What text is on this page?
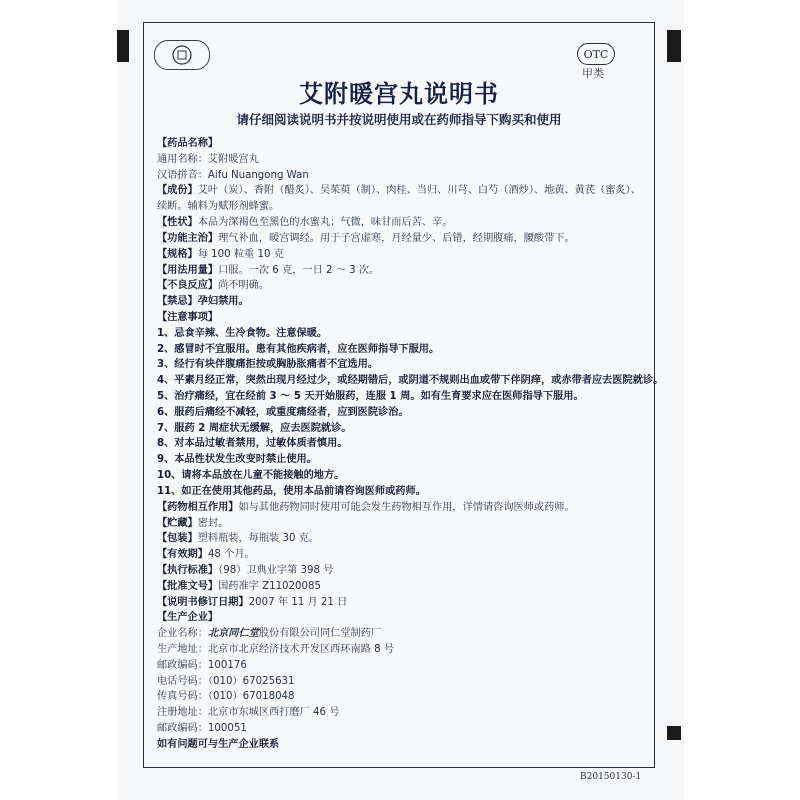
OTC
甲类
艾附暖宫丸说明书
请仔细阅读说明书并按说明使用或在药师指导下购买和使用
【药品名称】
通用名称：艾附暖宫丸
汉语拼音：Aifu Nuangong Wan
【成份】艾叶（炭）、香附（醋炙）、吴茱萸（制）、肉桂、当归、川芎、白芍（酒炒）、地黄、黄芪（蜜炙）、
续断。辅料为赋形剂蜂蜜。
【性状】本品为深褐色至黑色的水蜜丸；气微，味甘而后苦、辛。
【功能主治】理气补血，暖宫调经。用于子宫虚寒，月经量少、后错，经期腹痛，腰酸带下。
【规格】每 100 粒重 10 克
【用法用量】口服。一次 6 克，一日 2 ～ 3 次。
【不良反应】尚不明确。
【禁忌】孕妇禁用。
【注意事项】
1、忌食辛辣、生冷食物。注意保暖。
2、感冒时不宜服用。患有其他疾病者，应在医师指导下服用。
3、经行有块伴腹痛拒按或胸胁胀痛者不宜选用。
4、平素月经正常，突然出现月经过少，或经期错后，或阴道不规则出血或带下伴阴痒，或赤带者应去医院就诊。
5、治疗痛经，宜在经前 3 ～ 5 天开始服药，连服 1 周。如有生育要求应在医师指导下服用。
6、服药后痛经不减轻，或重度痛经者，应到医院诊治。
7、服药 2 周症状无缓解，应去医院就诊。
8、对本品过敏者禁用，过敏体质者慎用。
9、本品性状发生改变时禁止使用。
10、请将本品放在儿童不能接触的地方。
11、如正在使用其他药品，使用本品前请咨询医师或药师。
【药物相互作用】如与其他药物同时使用可能会发生药物相互作用，详情请咨询医师或药师。
【贮藏】密封。
【包装】塑料瓶装，每瓶装 30 克。
【有效期】48 个月。
【执行标准】（98）卫典业字第 398 号
【批准文号】国药准字 Z11020085
【说明书修订日期】2007 年 11 月 21 日
【生产企业】
企业名称：北京同仁堂股份有限公司同仁堂制药厂
生产地址：北京市北京经济技术开发区西环南路 8 号
邮政编码：100176
电话号码：（010）67025631
传真号码：（010）67018048
注册地址：北京市东城区西打磨厂 46 号
邮政编码：100051
如有问题可与生产企业联系
B20150130-1
